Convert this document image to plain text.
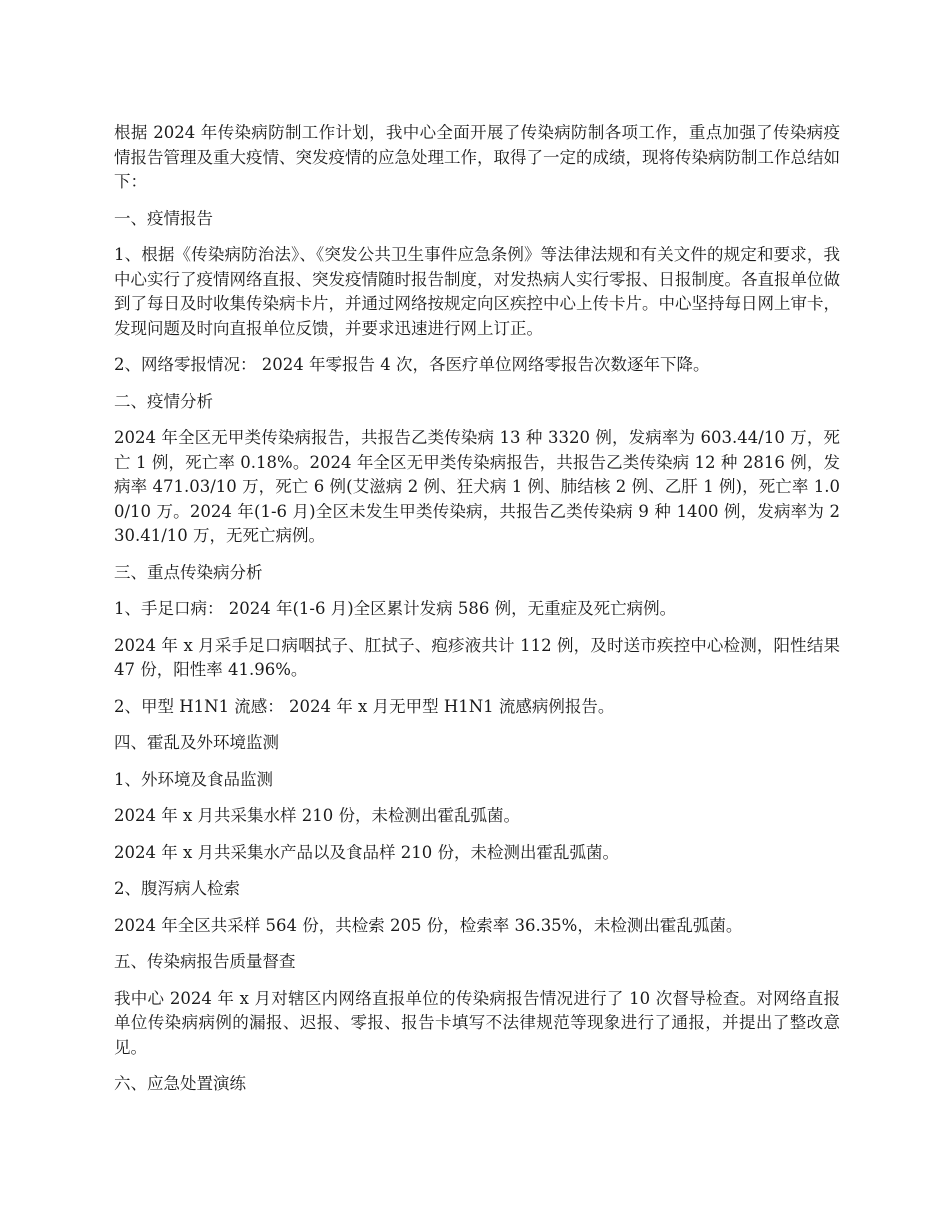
根据 2024 年传染病防制工作计划，我中心全面开展了传染病防制各项工作，重点加强了传染病疫情报告管理及重大疫情、突发疫情的应急处理工作，取得了一定的成绩，现将传染病防制工作总结如下：

一、疫情报告

1、根据《传染病防治法》、《突发公共卫生事件应急条例》等法律法规和有关文件的规定和要求，我 中心实行了疫情网络直报、突发疫情随时报告制度，对发热病人实行零报、日报制度。各直报单位做到了每日及时收集传染病卡片，并通过网络按规定向区疾控中心上传卡片。中心坚持每日网上审卡，发现问题及时向直报单位反馈，并要求迅速进行网上订正。

2、网络零报情况： 2024 年零报告 4 次，各医疗单位网络零报告次数逐年下降。

二、疫情分析

2024 年全区无甲类传染病报告，共报告乙类传染病 13 种 3320 例，发病率为 603.44/10 万，死亡 1 例，死亡率 0.18%。2024 年全区无甲类传染病报告，共报告乙类传染病 12 种 2816 例，发病率 471.03/10 万，死亡 6 例(艾滋病 2 例、狂犬病 1 例、肺结核 2 例、乙肝 1 例)，死亡率 1.00/10 万。2024 年(1-6 月)全区未发生甲类传染病，共报告乙类传染病 9 种 1400 例，发病率为 230.41/10 万，无死亡病例。

三、重点传染病分析

1、手足口病： 2024 年(1-6 月)全区累计发病 586 例，无重症及死亡病例。

2024 年 x 月采手足口病咽拭子、肛拭子、疱疹液共计 112 例，及时送市疾控中心检测，阳性结果 47 份，阳性率 41.96%。

2、甲型 H1N1 流感： 2024 年 x 月无甲型 H1N1 流感病例报告。

四、霍乱及外环境监测

1、外环境及食品监测

2024 年 x 月共采集水样 210 份，未检测出霍乱弧菌。

2024 年 x 月共采集水产品以及食品样 210 份，未检测出霍乱弧菌。

2、腹泻病人检索

2024 年全区共采样 564 份，共检索 205 份，检索率 36.35%，未检测出霍乱弧菌。

五、传染病报告质量督查

我中心 2024 年 x 月对辖区内网络直报单位的传染病报告情况进行了 10 次督导检查。对网络直报单位传染病病例的漏报、迟报、零报、报告卡填写不法律规范等现象进行了通报，并提出了整改意见。

六、应急处置演练
